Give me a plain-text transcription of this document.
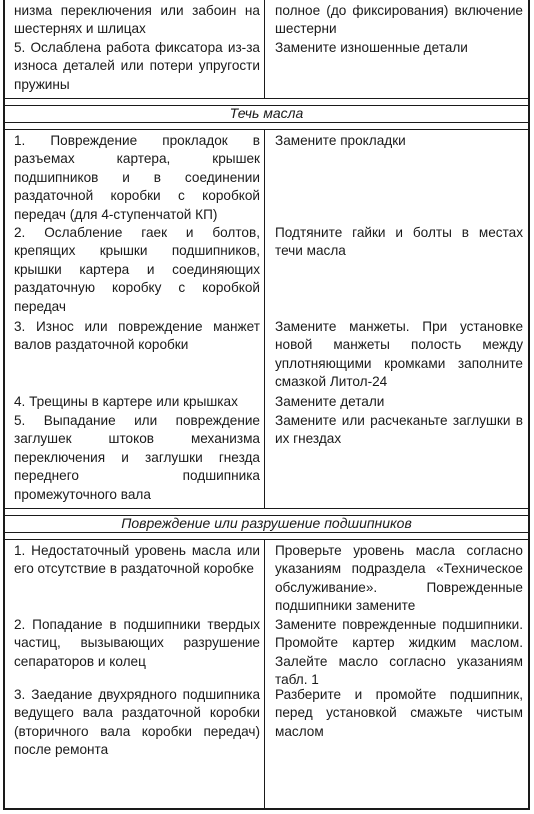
низма переключения или забоин на шестернях и шлицах

полное (до фиксирования) включение шестерни

5. Ослаблена работа фиксатора из-за износа деталей или потери упругости пружины

Замените изношенные детали

Течь масла

1. Повреждение прокладок в разъемах картера, крышек подшипников и в соединении раздаточной коробки с коробкой передач (для 4-ступенчатой КП)

Замените прокладки

2. Ослабление гаек и болтов, крепящих крышки подшипников, крышки картера и соединяющих раздаточную коробку с коробкой передач

Подтяните гайки и болты в местах течи масла

3. Износ или повреждение манжет валов раздаточной коробки

Замените манжеты. При установке новой манжеты полость между уплотняющими кромками заполните смазкой Литол-24

4. Трещины в картере или крышках	Замените детали

5. Выпадание или повреждение заглушек штоков механизма переключения и заглушки гнезда переднего подшипника промежуточного вала

Замените или расчеканьте заглушки в их гнездах

Повреждение или разрушение подшипников

1. Недостаточный уровень масла или его отсутствие в раздаточной коробке

Проверьте уровень масла согласно указаниям подраздела «Техническое обслуживание». Поврежденные подшипники замените

2. Попадание в подшипники твердых частиц, вызывающих разрушение сепараторов и колец

Замените поврежденные подшипники. Промойте картер жидким маслом. Залейте масло согласно указаниям табл. 1

3. Заедание двухрядного подшипника ведущего вала раздаточной коробки (вторичного вала коробки передач) после ремонта

Разберите и промойте подшипник, перед установкой смажьте чистым маслом
